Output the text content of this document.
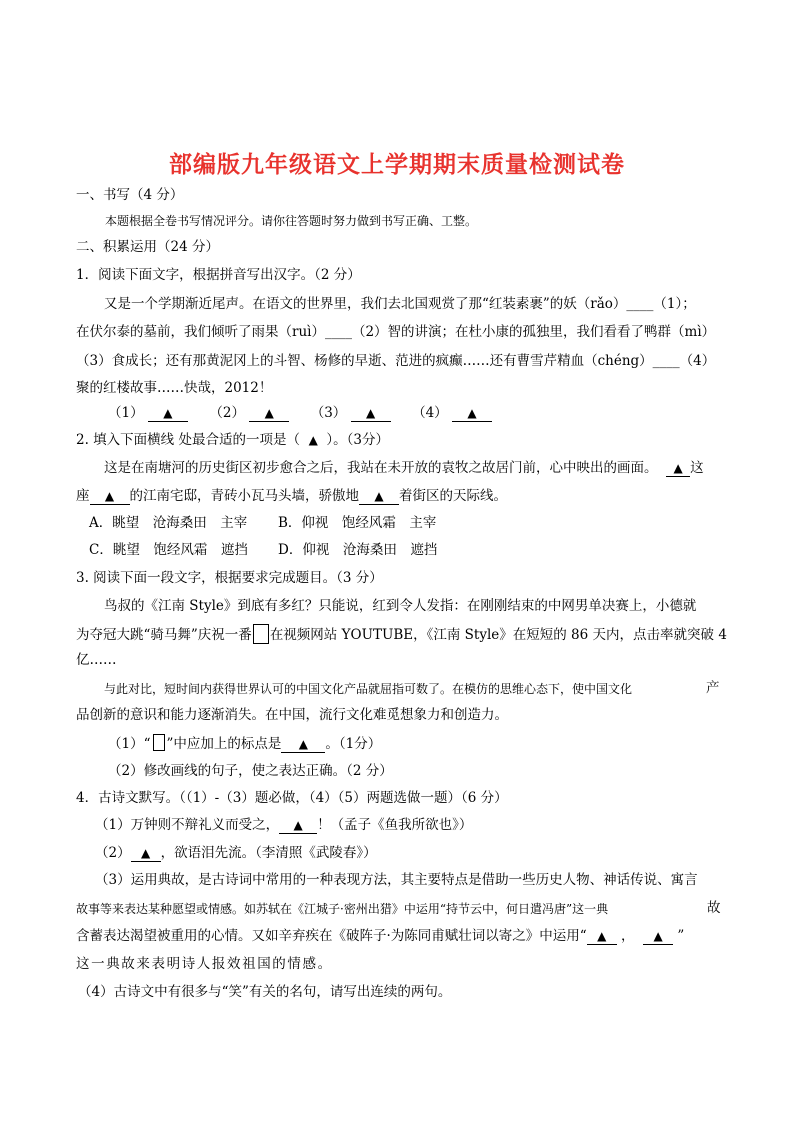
部编版九年级语文上学期期末质量检测试卷
一、书写（4 分）
本题根据全卷书写情况评分。请你往答题时努力做到书写正确、工整。
二、积累运用（24 分）
1．阅读下面文字，根据拼音写出汉字。（2 分）
又是一个学期渐近尾声。在语文的世界里，我们去北国观赏了那“红装素裹”的妖（rǎo）____（1）；
在伏尔泰的墓前，我们倾听了雨果（ruì）____（2）智的讲演；在杜小康的孤独里，我们看看了鸭群（mì）
（3）食成长；还有那黄泥冈上的斗智、杨修的早逝、范进的疯癫……还有曹雪芹精血（chéng）____（4）
聚的红楼故事……快哉，2012！
（1） ▲	（2） ▲	（3） ▲	（4） ▲
2. 填入下面横线 处最合适的一项是（ ▲ ）。（3分）
这是在南塘河的历史街区初步愈合之后，我站在未开放的袁牧之故居门前，心中映出的画面。 ▲ 这
座 ▲ 的江南宅邸，青砖小瓦马头墙，骄傲地 ▲ 着街区的天际线。
A．眺望　沧海桑田　主宰 B．仰视　饱经风霜　主宰
C．眺望　饱经风霜　遮挡 D．仰视　沧海桑田　遮挡
3. 阅读下面一段文字，根据要求完成题目。（3 分）
鸟叔的《江南 Style》到底有多红？只能说，红到令人发指：在刚刚结束的中网男单决赛上，小德就
为夺冠大跳“骑马舞”庆祝一番 在视频网站 YOUTUBE，《江南 Style》在短短的 86 天内，点击率就突破 4
亿……
与此对比，短时间内获得世界认可的中国文化产品就屈指可数了。在模仿的思维心态下，使中国文化	产
品创新的意识和能力逐渐消失。在中国，流行文化难觅想象力和创造力。
（1）“ ”中应加上的标点是 ▲ 。（1分）
（2）修改画线的句子，使之表达正确。（2 分）
4．古诗文默写。（（1）-（3）题必做，（4）（5）两题选做一题）（6 分）
（1）万钟则不辩礼义而受之， ▲ ！（孟子《鱼我所欲也》）
（2） ▲ ，欲语泪先流。（李清照《武陵春》）
（3）运用典故，是古诗词中常用的一种表现方法，其主要特点是借助一些历史人物、神话传说、寓言
故事等来表达某种愿望或情感。如苏轼在《江城子·密州出猎》中运用“持节云中，何日遣冯唐”这一典	故
含蓄表达渴望被重用的心情。又如辛弃疾在《破阵子·为陈同甫赋壮词以寄之》中运用“ ▲ ， ▲ ”
这一典故来表明诗人报效祖国的情感。
（4）古诗文中有很多与“笑”有关的名句，请写出连续的两句。
